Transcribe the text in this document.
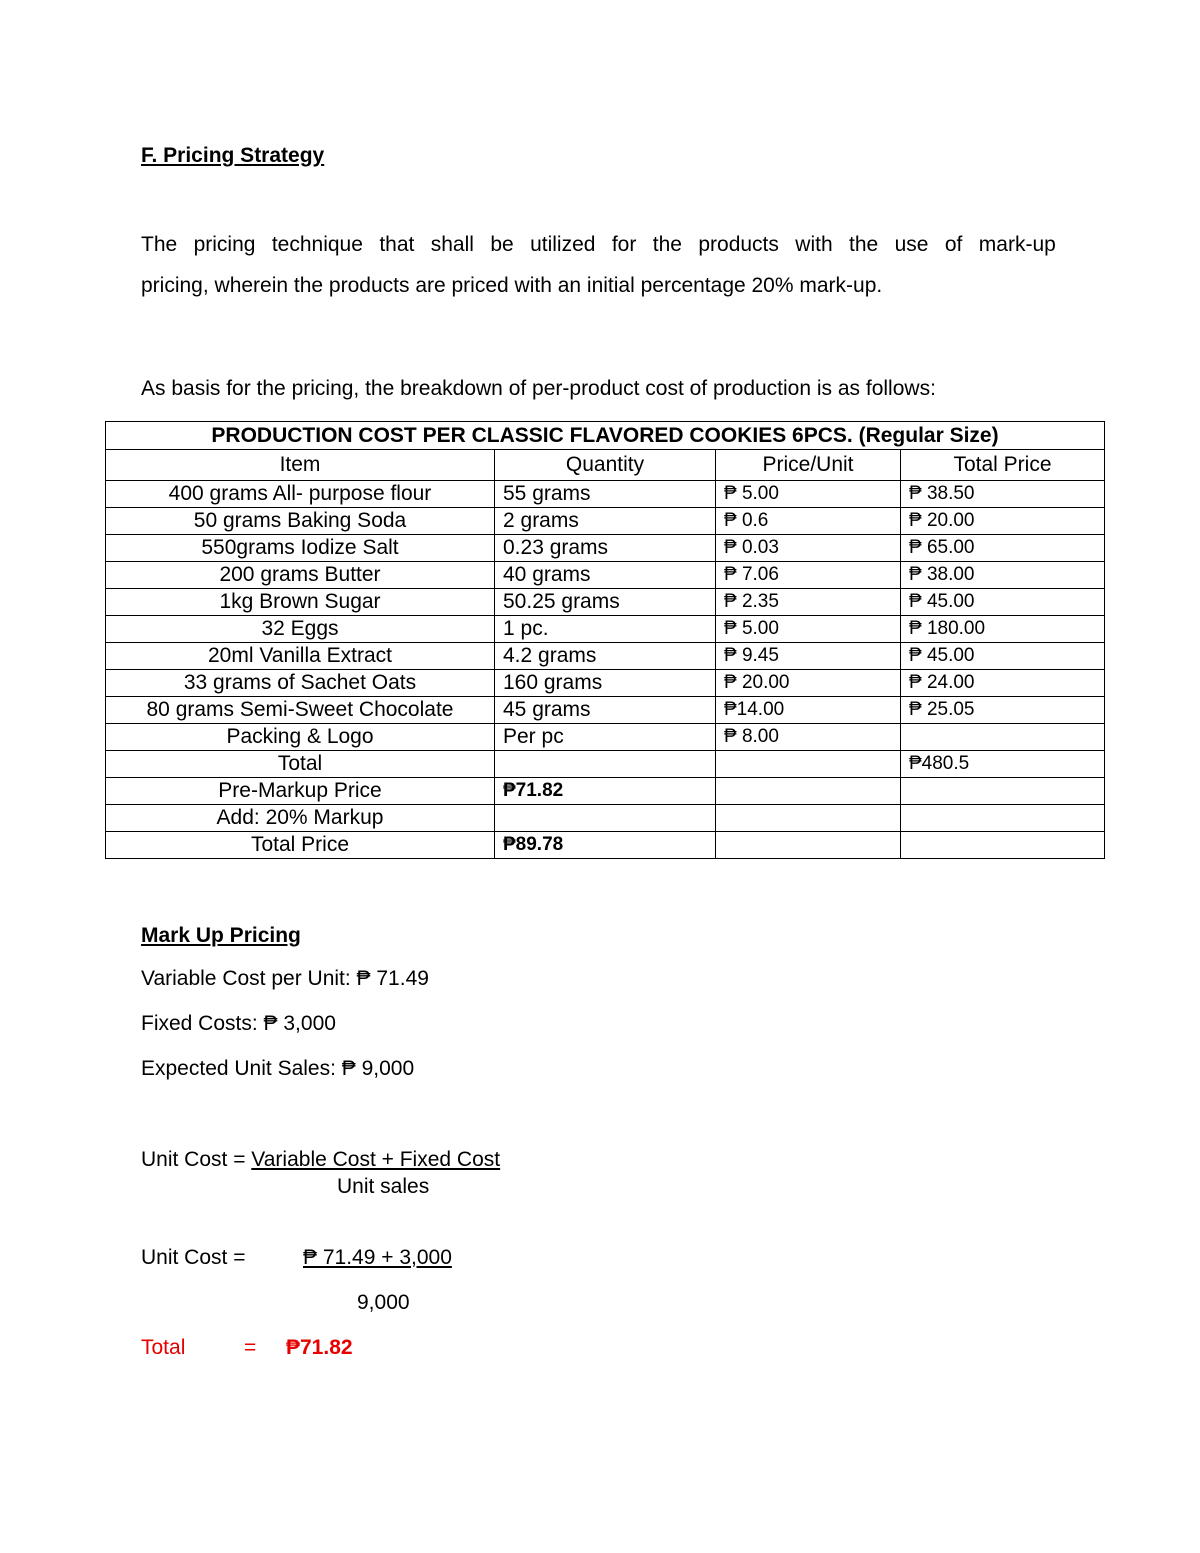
F. Pricing Strategy
The pricing technique that shall be utilized for the products with the use of mark-up
pricing, wherein the products are priced with an initial percentage 20% mark-up.
As basis for the pricing, the breakdown of per-product cost of production is as follows:
PRODUCTION COST PER CLASSIC FLAVORED COOKIES 6PCS. (Regular Size)			
Item	Quantity	Price/Unit	Total Price
400 grams All- purpose flour	55 grams	₱ 5.00	₱ 38.50
50 grams Baking Soda	2 grams	₱ 0.6	₱ 20.00
550grams Iodize Salt	0.23 grams	₱ 0.03	₱ 65.00
200 grams Butter	40 grams	₱ 7.06	₱ 38.00
1kg Brown Sugar	50.25 grams	₱ 2.35	₱ 45.00
32 Eggs	1 pc.	₱ 5.00	₱ 180.00
20ml Vanilla Extract	4.2 grams	₱ 9.45	₱ 45.00
33 grams of Sachet Oats	160 grams	₱ 20.00	₱ 24.00
80 grams Semi-Sweet Chocolate	45 grams	₱14.00	₱ 25.05
Packing & Logo	Per pc	₱ 8.00	
Total			₱480.5
Pre-Markup Price	₱71.82		
Add: 20% Markup			
Total Price	₱89.78		
Mark Up Pricing
Variable Cost per Unit: ₱ 71.49
Fixed Costs: ₱ 3,000
Expected Unit Sales: ₱ 9,000
Unit Cost = Variable Cost + Fixed Cost
Unit sales
Unit Cost =	₱ 71.49 + 3,000
9,000
Total	= ₱71.82
